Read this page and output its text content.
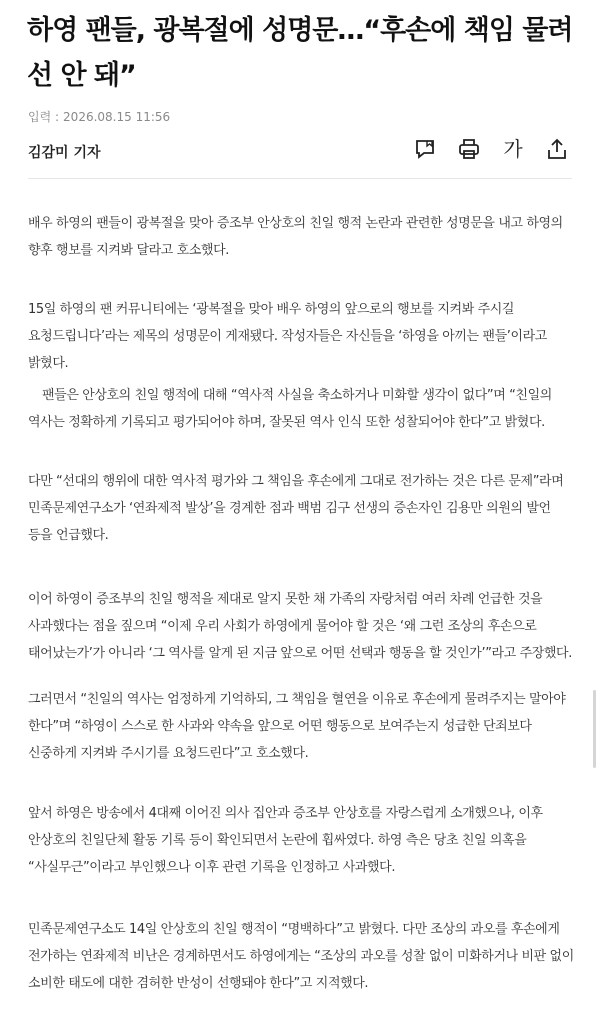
하영 팬들, 광복절에 성명문…“후손에 책임 물려 선 안 돼”
입력 : 2026.08.15 11:56
김감미 기자	가

배우 하영의 팬들이 광복절을 맞아 증조부 안상호의 친일 행적 논란과 관련한 성명문을 내고 하영의 향후 행보를 지켜봐 달라고 호소했다.

15일 하영의 팬 커뮤니티에는 ‘광복절을 맞아 배우 하영의 앞으로의 행보를 지켜봐 주시길 요청드립니다’라는 제목의 성명문이 게재됐다. 작성자들은 자신들을 ‘하영을 아끼는 팬들’이라고 밝혔다.

팬들은 안상호의 친일 행적에 대해 “역사적 사실을 축소하거나 미화할 생각이 없다”며 “친일의 역사는 정확하게 기록되고 평가되어야 하며, 잘못된 역사 인식 또한 성찰되어야 한다”고 밝혔다.

다만 “선대의 행위에 대한 역사적 평가와 그 책임을 후손에게 그대로 전가하는 것은 다른 문제”라며 민족문제연구소가 ‘연좌제적 발상’을 경계한 점과 백범 김구 선생의 증손자인 김용만 의원의 발언 등을 언급했다.

이어 하영이 증조부의 친일 행적을 제대로 알지 못한 채 가족의 자랑처럼 여러 차례 언급한 것을 사과했다는 점을 짚으며 “이제 우리 사회가 하영에게 물어야 할 것은 ‘왜 그런 조상의 후손으로 태어났는가’가 아니라 ‘그 역사를 알게 된 지금 앞으로 어떤 선택과 행동을 할 것인가’”라고 주장했다.

그러면서 “친일의 역사는 엄정하게 기억하되, 그 책임을 혈연을 이유로 후손에게 물려주지는 말아야 한다”며 “하영이 스스로 한 사과와 약속을 앞으로 어떤 행동으로 보여주는지 성급한 단죄보다 신중하게 지켜봐 주시기를 요청드린다”고 호소했다.

앞서 하영은 방송에서 4대째 이어진 의사 집안과 증조부 안상호를 자랑스럽게 소개했으나, 이후 안상호의 친일단체 활동 기록 등이 확인되면서 논란에 휩싸였다. 하영 측은 당초 친일 의혹을 “사실무근”이라고 부인했으나 이후 관련 기록을 인정하고 사과했다.

민족문제연구소도 14일 안상호의 친일 행적이 “명백하다”고 밝혔다. 다만 조상의 과오를 후손에게 전가하는 연좌제적 비난은 경계하면서도 하영에게는 “조상의 과오를 성찰 없이 미화하거나 비판 없이 소비한 태도에 대한 겸허한 반성이 선행돼야 한다”고 지적했다.
